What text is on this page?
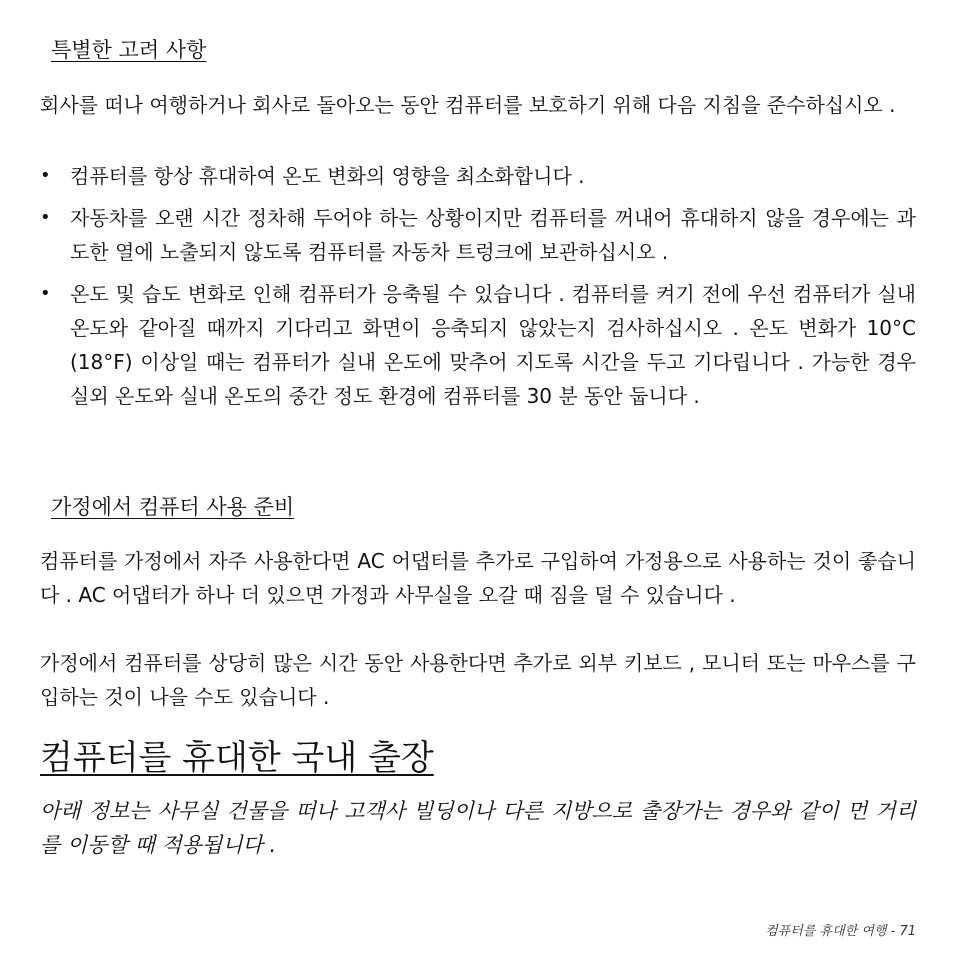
특별한 고려 사항

회사를 떠나 여행하거나 회사로 돌아오는 동안 컴퓨터를 보호하기 위해 다음 지침을 준수하십시오 .

• 컴퓨터를 항상 휴대하여 온도 변화의 영향을 최소화합니다 .
• 자동차를 오랜 시간 정차해 두어야 하는 상황이지만 컴퓨터를 꺼내어 휴대하지 않을 경우에는 과도한 열에 노출되지 않도록 컴퓨터를 자동차 트렁크에 보관하십시오 .
• 온도 및 습도 변화로 인해 컴퓨터가 응축될 수 있습니다 . 컴퓨터를 켜기 전에 우선 컴퓨터가 실내 온도와 같아질 때까지 기다리고 화면이 응축되지 않았는지 검사하십시오 . 온도 변화가 10°C (18°F) 이상일 때는 컴퓨터가 실내 온도에 맞추어 지도록 시간을 두고 기다립니다 . 가능한 경우 실외 온도와 실내 온도의 중간 정도 환경에 컴퓨터를 30 분 동안 둡니다 .
가정에서 컴퓨터 사용 준비

컴퓨터를 가정에서 자주 사용한다면 AC 어댑터를 추가로 구입하여 가정용으로 사용하는 것이 좋습니다 . AC 어댑터가 하나 더 있으면 가정과 사무실을 오갈 때 짐을 덜 수 있습니다 .

가정에서 컴퓨터를 상당히 많은 시간 동안 사용한다면 추가로 외부 키보드 , 모니터 또는 마우스를 구입하는 것이 나을 수도 있습니다 .

컴퓨터를 휴대한 국내 출장

아래 정보는 사무실 건물을 떠나 고객사 빌딩이나 다른 지방으로 출장가는 경우와 같이 먼 거리를 이동할 때 적용됩니다 .

컴퓨터를 휴대한 여행 - 71
